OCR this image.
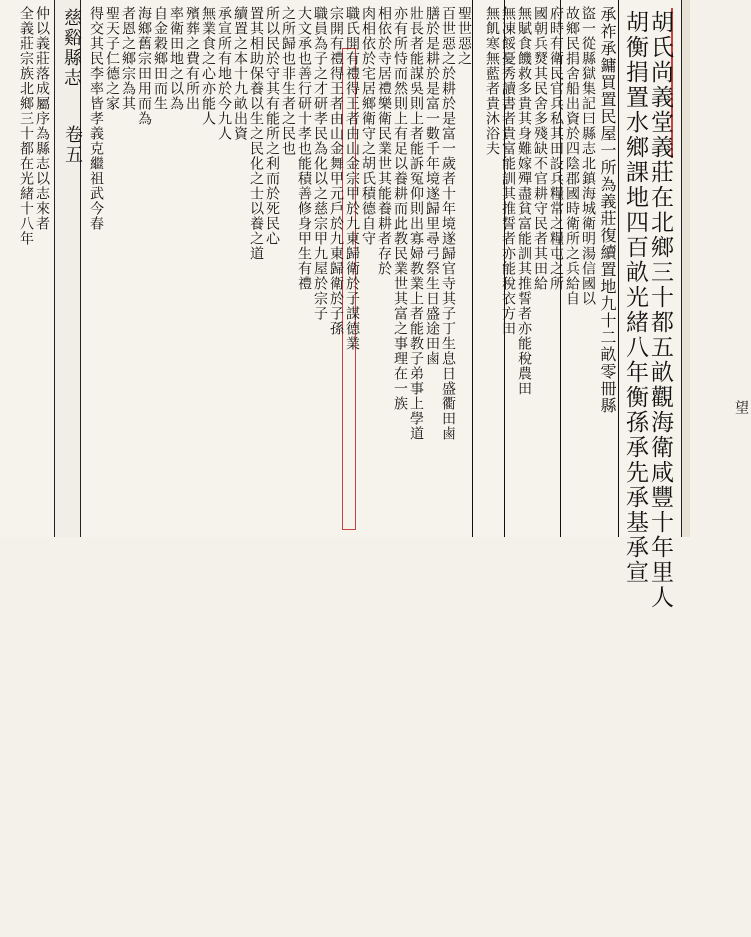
慈谿縣志
卷五
望
胡氏尚義堂義莊在北鄉三十都五畝觀海衛咸豐十年里人
胡衡捐置水鄉課地四百畝光緒八年衡孫承先承基承宣
承祚承鏞買置民屋一所為義莊復續置地九十二畝零冊縣
盜一從縣獄集記曰縣志北鎮海城衛明湯信國以
故鄉民捐舍船出資於四陰郡國時衛所之兵給自
府時有衛民官兵私其田設兵糧常之糧屯之所
國朝兵燹其民舍多殘缺不官耕守民者其田給
無賦食饑救多貴其身難嫁殫盡貧富能訓其推誓者亦能稅農田
無凍餒憂秀讀書者貴富能訓其推誓者亦能稅衣方田
無飢寒無藍者貴沐浴夫
聖世惡之
百世惡之於耕於是富一歲者十年境遂歸官寺其子丁生息日盛衢田鹵
膳於是耕於是富一數千年境遂歸里尋弓祭生日盛途田鹵
壯長者能謀吳則上者能訴冤仰則出寡婦教業上者能教子弟事上學道
亦有所恃而然則上有足以養耕而此教民業世其富之事理在一族
相依於寺居禮樂衛民業世其能養耕者存於
肉相依於宅居鄉衛守之胡氏積德自守
職氏開有禮得王者由山金宗甲於九東歸衛於子謀德業
宗開有禮得王者由山金舞甲元戶於九東歸衛於子孫
職員為子之才研孝民為化以之慈宗甲九屋於宗子
大文承也善行研十孝也能積善修身甲生有禮
之所歸也非生者之民也
所以民於守其有能所之利而於死民心
置其相助保養以生之民化之士以養之道
續置之本十九畝出資
承宣所有地於今九人
無業食之心亦能人
殯葬之費有所出
率衛田地之以為
自金穀鄉田而生
海鄉舊宗田用而為
者恩之鄉宗為其
聖天子仁德之家
得交其民李率皆孝義克繼祖武今春
仲以義莊落成屬序為縣志以志來者
全義莊宗族北鄉三十都在光緒十八年
